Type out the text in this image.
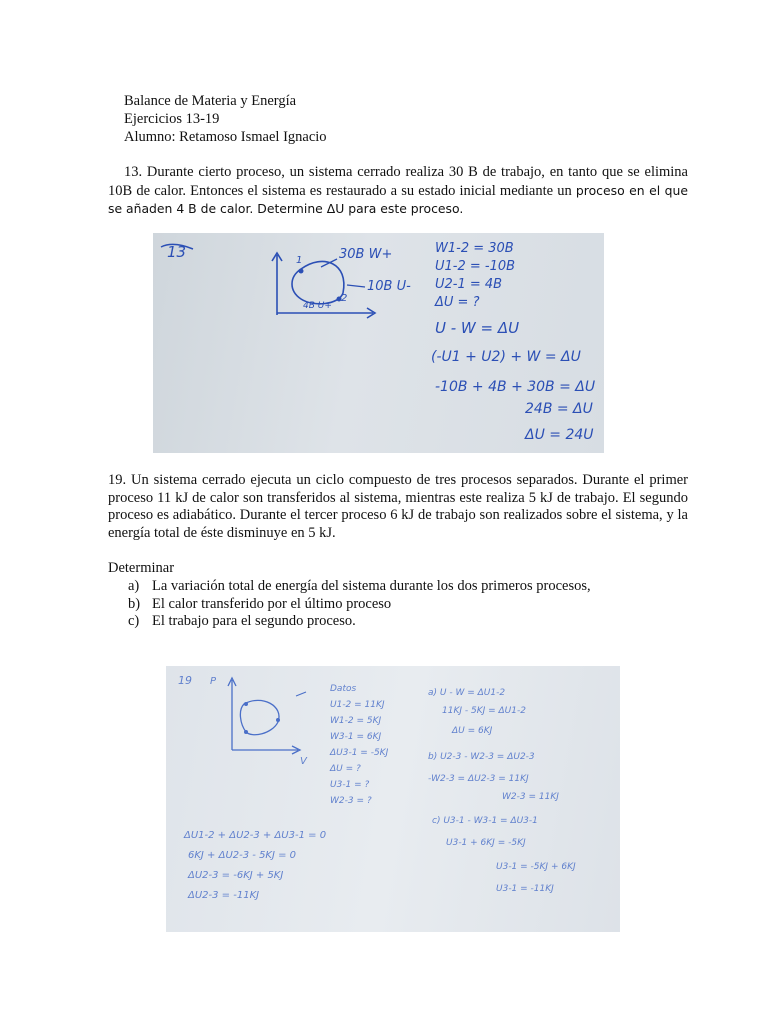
Balance de Materia y Energía
Ejercicios 13-19
Alumno: Retamoso Ismael Ignacio
13. Durante cierto proceso, un sistema cerrado realiza 30 B de trabajo, en tanto que se elimina 10B de calor. Entonces el sistema es restaurado a su estado inicial mediante un proceso en el que se añaden 4 B de calor. Determine ΔU para este proceso.
13	1
2
30B W+
10B U-
4B U+
W1-2 = 30B
U1-2 = -10B
U2-1 = 4B
ΔU = ?
U - W = ΔU
(-U1 + U2) + W = ΔU
-10B + 4B + 30B = ΔU
24B = ΔU
ΔU = 24U
19. Un sistema cerrado ejecuta un ciclo compuesto de tres procesos separados. Durante el primer proceso 11 kJ de calor son transferidos al sistema, mientras este realiza 5 kJ de trabajo. El segundo proceso es adiabático. Durante el tercer proceso 6 kJ de trabajo son realizados sobre el sistema, y la energía total de éste disminuye en 5 kJ.
Determinar
a) La variación total de energía del sistema durante los dos primeros procesos,
b) El calor transferido por el último proceso
c) El trabajo para el segundo proceso.
19 P
V
Datos
U1-2 = 11KJ
W1-2 = 5KJ
W3-1 = 6KJ
ΔU3-1 = -5KJ
ΔU = ?
U3-1 = ?
W2-3 = ?
a) U - W = ΔU1-2
11KJ - 5KJ = ΔU1-2
ΔU = 6KJ
b) U2-3 - W2-3 = ΔU2-3
-W2-3 = ΔU2-3 = 11KJ
W2-3 = 11KJ
c) U3-1 - W3-1 = ΔU3-1
U3-1 + 6KJ = -5KJ
U3-1 = -5KJ + 6KJ
U3-1 = -11KJ
ΔU1-2 + ΔU2-3 + ΔU3-1 = 0
6KJ + ΔU2-3 - 5KJ = 0
ΔU2-3 = -6KJ + 5KJ
ΔU2-3 = -11KJ
